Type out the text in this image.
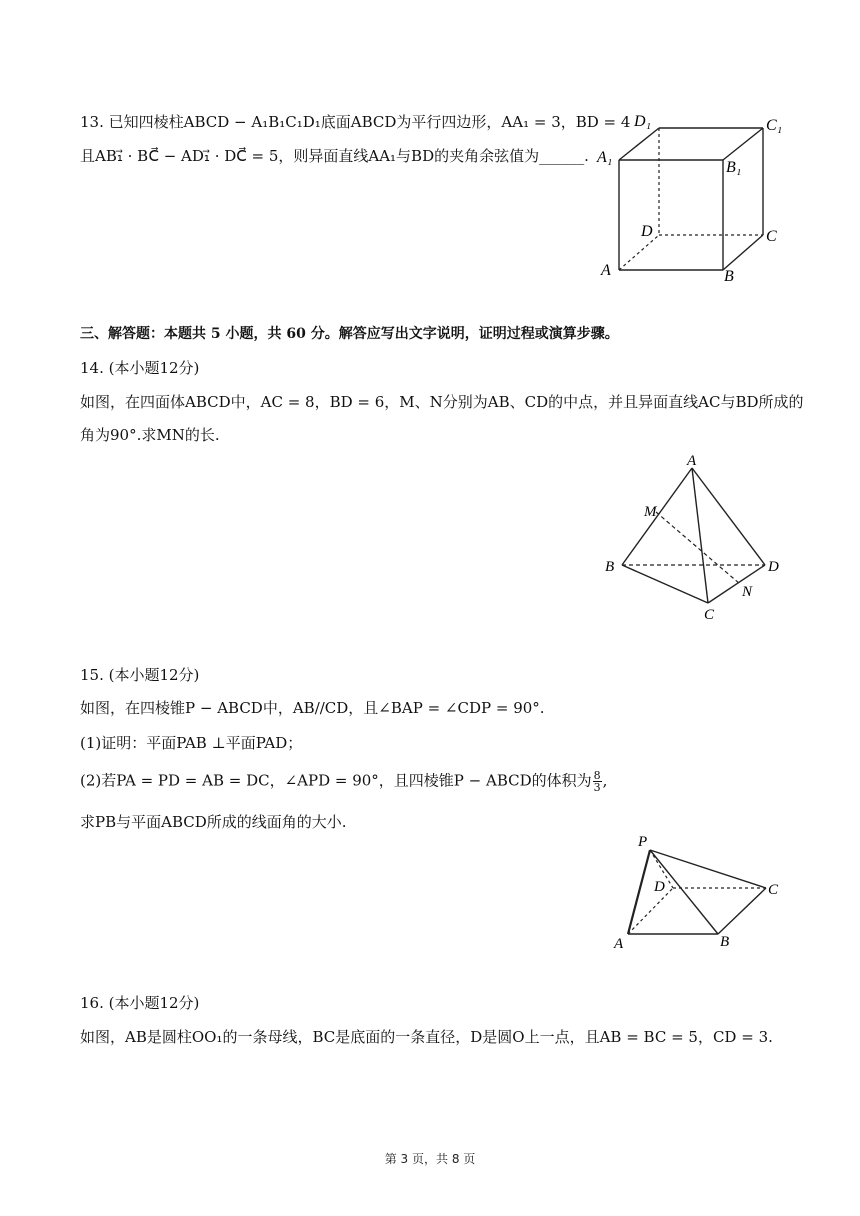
13. 已知四棱柱ABCD − A₁B₁C₁D₁底面ABCD为平行四边形，AA₁ = 3，BD = 4
且AB₁⃗ · BC⃗ − AD₁⃗ · DC⃗ = 5，则异面直线AA₁与BD的夹角余弦值为______.
D₁	C₁
A₁
B₁
D	C
A	B
三、解答题：本题共 5 小题，共 60 分。解答应写出文字说明，证明过程或演算步骤。
14. (本小题12分)
如图，在四面体ABCD中，AC = 8，BD = 6，M、N分别为AB、CD的中点，并且异面直线AC与BD所成的
角为90°.求MN的长.
A
M
B	D
N
C
15. (本小题12分)
如图，在四棱锥P − ABCD中，AB//CD，且∠BAP = ∠CDP = 90°.
(1)证明：平面PAB ⊥平面PAD；
(2)若PA = PD = AB = DC，∠APD = 90°，且四棱锥P − ABCD的体积为 $\frac{8}{3}$ ,
求PB与平面ABCD所成的线面角的大小.
P
D	C
A	B
16. (本小题12分)
如图，AB是圆柱OO₁的一条母线，BC是底面的一条直径，D是圆O上一点，且AB = BC = 5，CD = 3.
第 3 页，共 8 页
